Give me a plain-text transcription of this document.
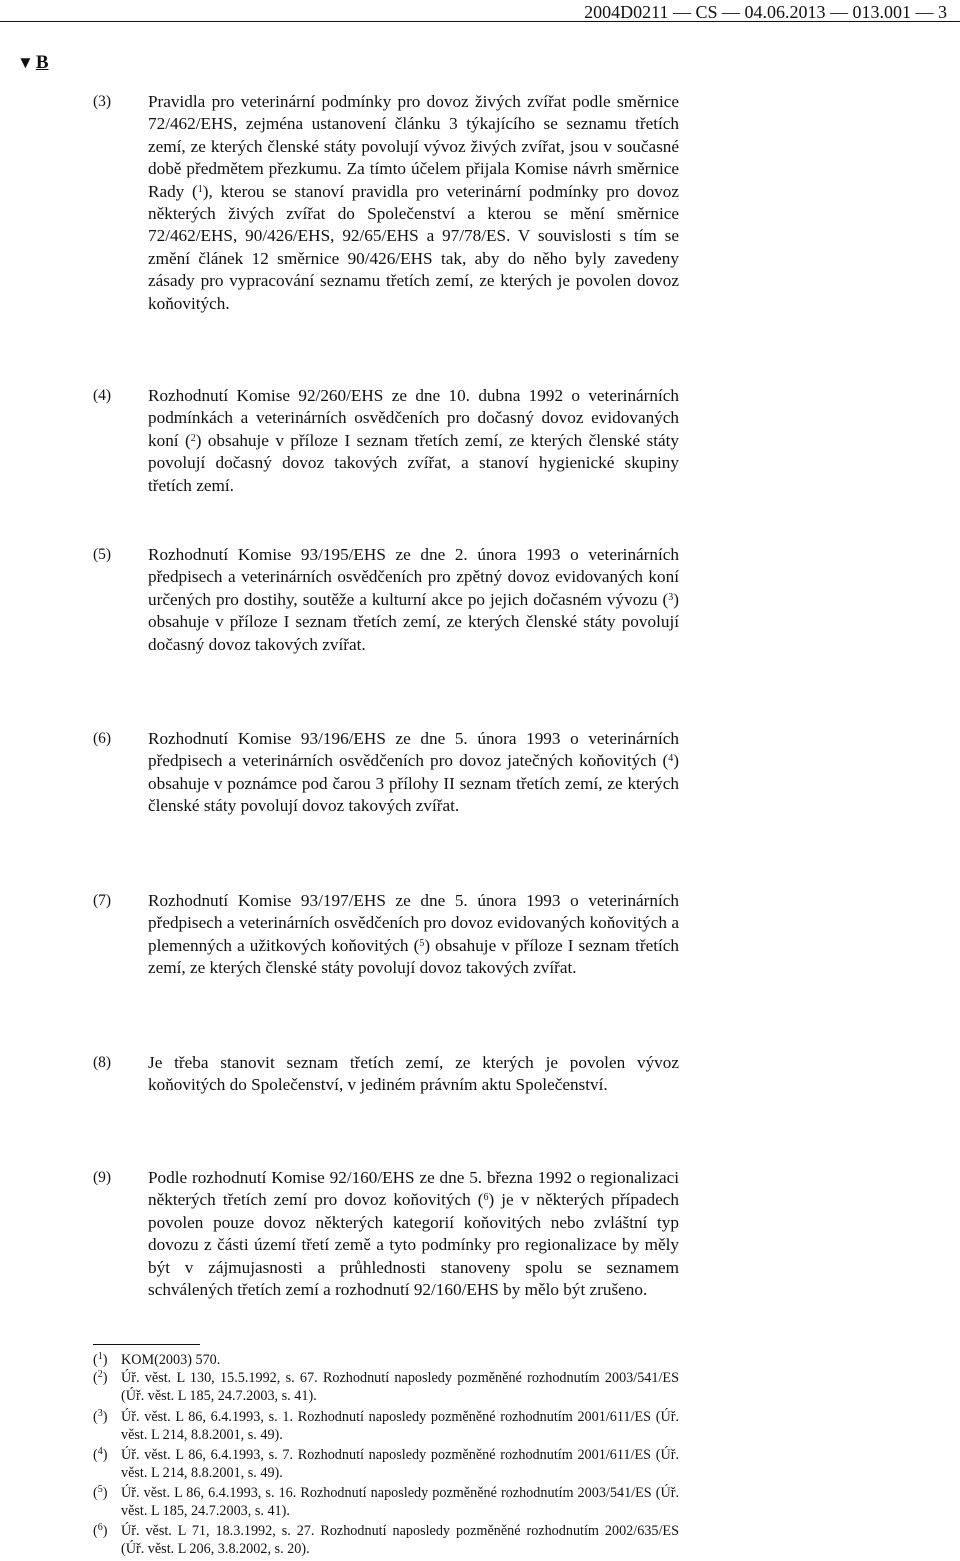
2004D0211 — CS — 04.06.2013 — 013.001 — 3
▼ B
(3) Pravidla pro veterinární podmínky pro dovoz živých zvířat podle směrnice 72/462/EHS, zejména ustanovení článku 3 týkajícího se seznamu třetích zemí, ze kterých členské státy povolují vývoz živých zvířat, jsou v současné době předmětem přezkumu. Za tímto účelem přijala Komise návrh směrnice Rady ($^1$), kterou se stanoví pravidla pro veterinární podmínky pro dovoz některých živých zvířat do Společenství a kterou se mění směrnice 72/462/EHS, 90/426/EHS, 92/65/EHS a 97/78/ES. V souvislosti s tím se změní článek 12 směrnice 90/426/EHS tak, aby do něho byly zavedeny zásady pro vypracování seznamu třetích zemí, ze kterých je povolen dovoz koňovitých.
(4) Rozhodnutí Komise 92/260/EHS ze dne 10. dubna 1992 o veterinárních podmínkách a veterinárních osvědčeních pro dočasný dovoz evidovaných koní ($^2$) obsahuje v příloze I seznam třetích zemí, ze kterých členské státy povolují dočasný dovoz takových zvířat, a stanoví hygienické skupiny třetích zemí.
(5) Rozhodnutí Komise 93/195/EHS ze dne 2. února 1993 o veterinárních předpisech a veterinárních osvědčeních pro zpětný dovoz evidovaných koní určených pro dostihy, soutěže a kulturní akce po jejich dočasném vývozu ($^3$) obsahuje v příloze I seznam třetích zemí, ze kterých členské státy povolují dočasný dovoz takových zvířat.
(6) Rozhodnutí Komise 93/196/EHS ze dne 5. února 1993 o veterinárních předpisech a veterinárních osvědčeních pro dovoz jatečných koňovitých ($^4$) obsahuje v poznámce pod čarou 3 přílohy II seznam třetích zemí, ze kterých členské státy povolují dovoz takových zvířat.
(7) Rozhodnutí Komise 93/197/EHS ze dne 5. února 1993 o veterinárních předpisech a veterinárních osvědčeních pro dovoz evidovaných koňovitých a plemenných a užitkových koňovitých ($^5$) obsahuje v příloze I seznam třetích zemí, ze kterých členské státy povolují dovoz takových zvířat.
(8) Je třeba stanovit seznam třetích zemí, ze kterých je povolen vývoz koňovitých do Společenství, v jediném právním aktu Společenství.
(9) Podle rozhodnutí Komise 92/160/EHS ze dne 5. března 1992 o regionalizaci některých třetích zemí pro dovoz koňovitých ($^6$) je v některých případech povolen pouze dovoz některých kategorií koňovitých nebo zvláštní typ dovozu z části území třetí země a tyto podmínky pro regionalizace by měly být v zájmujasnosti a průhlednosti stanoveny spolu se seznamem schválených třetích zemí a rozhodnutí 92/160/EHS by mělo být zrušeno.
($^1$) KOM(2003) 570.
($^2$) Úř. věst. L 130, 15.5.1992, s. 67. Rozhodnutí naposledy pozměněné rozhodnutím 2003/541/ES (Úř. věst. L 185, 24.7.2003, s. 41).
($^3$) Úř. věst. L 86, 6.4.1993, s. 1. Rozhodnutí naposledy pozměněné rozhodnutím 2001/611/ES (Úř. věst. L 214, 8.8.2001, s. 49).
($^4$) Úř. věst. L 86, 6.4.1993, s. 7. Rozhodnutí naposledy pozměněné rozhodnutím 2001/611/ES (Úř. věst. L 214, 8.8.2001, s. 49).
($^5$) Úř. věst. L 86, 6.4.1993, s. 16. Rozhodnutí naposledy pozměněné rozhodnutím 2003/541/ES (Úř. věst. L 185, 24.7.2003, s. 41).
($^6$) Úř. věst. L 71, 18.3.1992, s. 27. Rozhodnutí naposledy pozměněné rozhodnutím 2002/635/ES (Úř. věst. L 206, 3.8.2002, s. 20).
